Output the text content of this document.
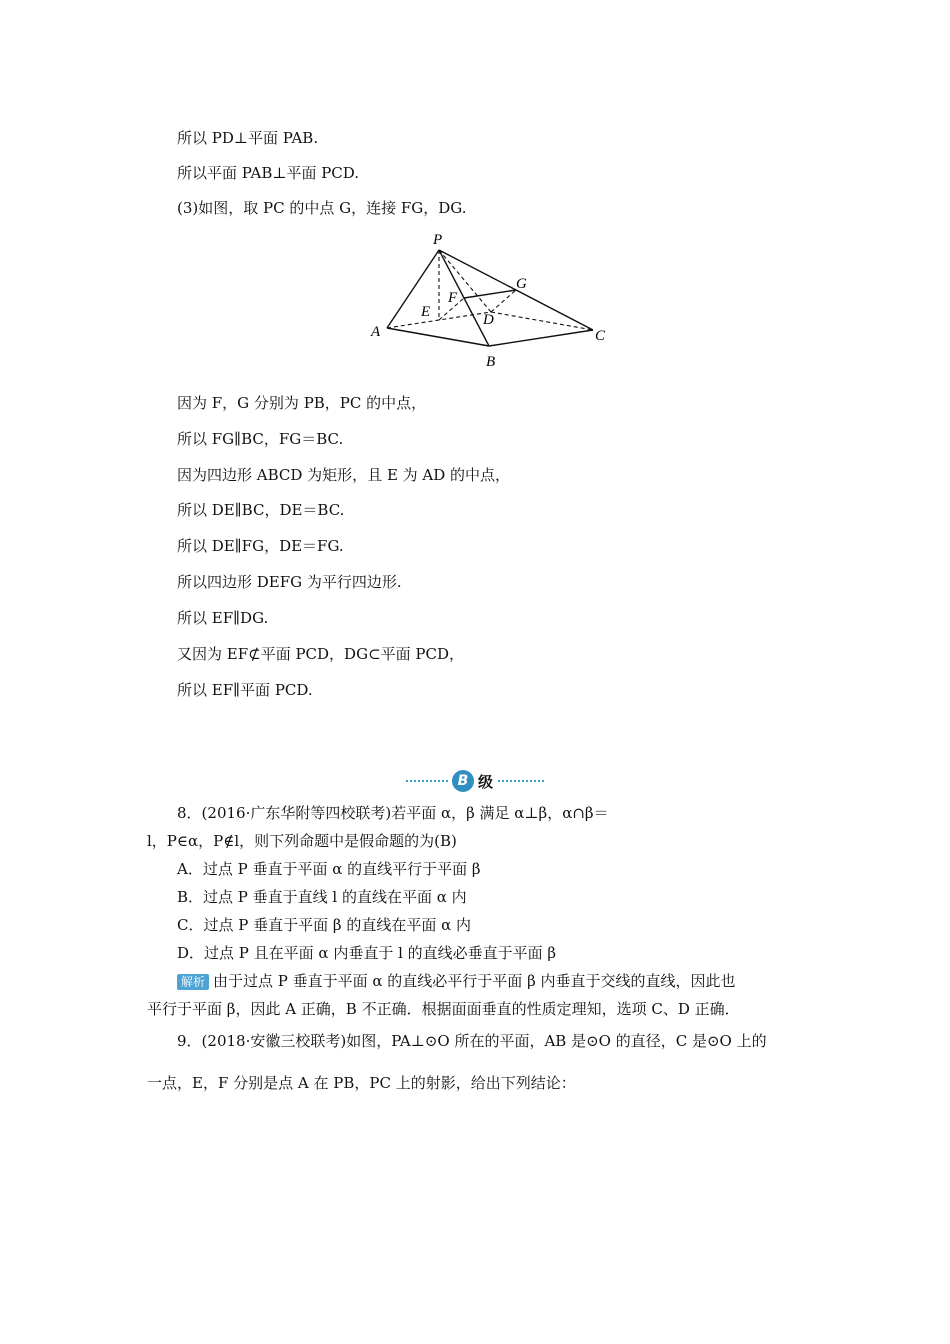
所以 PD⊥平面 PAB.
所以平面 PAB⊥平面 PCD.
(3)如图，取 PC 的中点 G，连接 FG，DG.
P
A
B
C
D
E
F
G
因为 F，G 分别为 PB，PC 的中点，
所以 FG∥BC，FG＝BC.
因为四边形 ABCD 为矩形，且 E 为 AD 的中点，
所以 DE∥BC，DE＝BC.
所以 DE∥FG，DE＝FG.
所以四边形 DEFG 为平行四边形.
所以 EF∥DG.
又因为 EF⊄平面 PCD，DG⊂平面 PCD，
所以 EF∥平面 PCD.
B 级
8．(2016·广东华附等四校联考)若平面 α，β 满足 α⊥β，α∩β＝
l，P∈α，P∉l，则下列命题中是假命题的为(B)
A．过点 P 垂直于平面 α 的直线平行于平面 β
B．过点 P 垂直于直线 l 的直线在平面 α 内
C．过点 P 垂直于平面 β 的直线在平面 α 内
D．过点 P 且在平面 α 内垂直于 l 的直线必垂直于平面 β
解析 由于过点 P 垂直于平面 α 的直线必平行于平面 β 内垂直于交线的直线，因此也
平行于平面 β，因此 A 正确，B 不正确．根据面面垂直的性质定理知，选项 C、D 正确．
9．(2018·安徽三校联考)如图，PA⊥⊙O 所在的平面，AB 是⊙O 的直径，C 是⊙O 上的
一点，E，F 分别是点 A 在 PB，PC 上的射影，给出下列结论：
